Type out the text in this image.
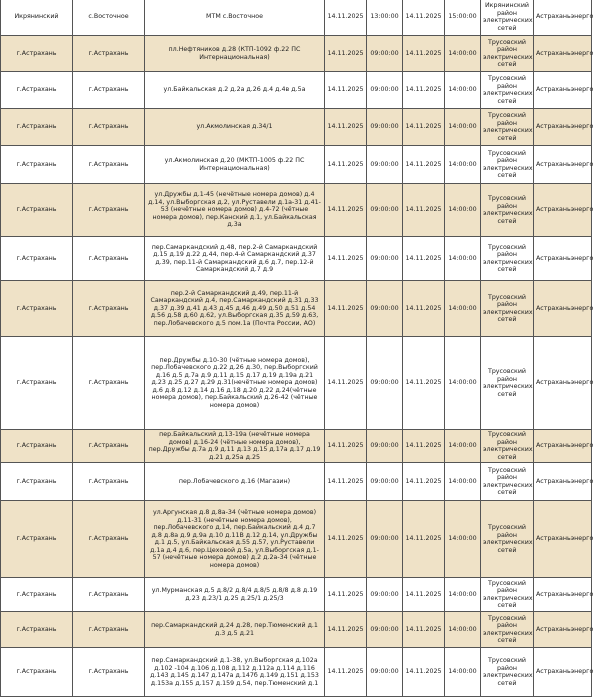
Икрянинский	с.Восточное	МТМ с.Восточное	14.11.2025	13:00:00	14.11.2025	15:00:00	Икрянинский район электрических сетей	Астраханьэнерго
г.Астрахань	г.Астрахань	пл.Нефтяников д.28 (КТП-1092 ф.22 ПС Интернациональная)	14.11.2025	09:00:00	14.11.2025	14:00:00	Трусовский район электрических сетей	Астраханьэнерго
г.Астрахань	г.Астрахань	ул.Байкальская д.2 д.2а д.26 д.4 д.4в д.5а	14.11.2025	09:00:00	14.11.2025	14:00:00	Трусовский район электрических сетей	Астраханьэнерго
г.Астрахань	г.Астрахань	ул.Акмолинская д.34/1	14.11.2025	09:00:00	14.11.2025	14:00:00	Трусовский район электрических сетей	Астраханьэнерго
г.Астрахань	г.Астрахань	ул.Акмолинская д.20 (МКТП-1005 ф.22 ПС Интернациональная)	14.11.2025	09:00:00	14.11.2025	14:00:00	Трусовский район электрических сетей	Астраханьэнерго
г.Астрахань	г.Астрахань	ул.Дружбы д.1-45 (нечётные номера домов) д.4 д.14, ул.Выборгская д.2, ул.Руставели д.1а-31 д.41-53 (нечётные номера домов) д.4-72 (чётные номера домов), пер.Канский д.1, ул.Байкальская д.3а	14.11.2025	09:00:00	14.11.2025	14:00:00	Трусовский район электрических сетей	Астраханьэнерго
г.Астрахань	г.Астрахань	пер.Самаркандский д.48, пер.2-й Самаркандский д.15 д.19 д.22 д.44, пер.4-й Самаркандский д.37 д.39, пер.11-й Самаркандский д.6 д.7, пер.12-й Самаркандский д.7 д.9	14.11.2025	09:00:00	14.11.2025	14:00:00	Трусовский район электрических сетей	Астраханьэнерго
г.Астрахань	г.Астрахань	пер.2-й Самаркандский д.49, пер.11-й Самаркандский д.4, пер.Самаркандский д.31 д.33 д.37 д.39 д.41 д.43 д.45 д.46 д.49 д.50 д.51 д.54 д.56 д.58 д.60 д.62, ул.Выборгская д.35 д.59 д.63, пер.Лобачевского д.5 пом.1а (Почта России, АО)	14.11.2025	09:00:00	14.11.2025	14:00:00	Трусовский район электрических сетей	Астраханьэнерго
г.Астрахань	г.Астрахань	пер.Дружбы д.10-30 (чётные номера домов), пер.Лобачевского д.22 д.26 д.30, пер.Выборгский д.16 д.5 д.7а д.9 д.11 д.15 д.17 д.19 д.19а д.21 д.23 д.25 д.27 д.29 д.31(нечётные номера домов) д.6 д.8 д.12 д.14 д.16 д.18 д.20 д.22 д.24(чётные номера домов), пер.Байкальский д.26-42 (чётные номера домов)	14.11.2025	09:00:00	14.11.2025	14:00:00	Трусовский район электрических сетей	Астраханьэнерго
г.Астрахань	г.Астрахань	пер.Байкальский д.13-19а (нечётные номера домов) д.16-24 (чётные номера домов), пер.Дружбы д.7а д.9 д.11 д.13 д.15 д.17а д.17 д.19 д.21 д.25а д.25	14.11.2025	09:00:00	14.11.2025	14:00:00	Трусовский район электрических сетей	Астраханьэнерго
г.Астрахань	г.Астрахань	пер.Лобачевского д.16 (Магазин)	14.11.2025	09:00:00	14.11.2025	14:00:00	Трусовский район электрических сетей	Астраханьэнерго
г.Астрахань	г.Астрахань	ул.Аргунская д.8 д.8а-34 (чётные номера домов) д.11-31 (нечётные номера домов), пер.Лобачевского д.14, пер.Байкальский д.4 д.7 д.8 д.8а д.9 д.9а д.10 д.11В д.12 д.14, ул.Дружбы д.1 д.5, ул.Байкальская д.55 д.57, ул.Руставели д.1а д.4 д.6, пер.Цеховой д.5а, ул.Выборгская д.1-57 (нечётные номера домов) д.2 д.2а-34 (чётные номера домов)	14.11.2025	09:00:00	14.11.2025	14:00:00	Трусовский район электрических сетей	Астраханьэнерго
г.Астрахань	г.Астрахань	ул.Мурманская д.5 д.8/2 д.8/4 д.8/5 д.8/8 д.8 д.19 д.23 д.23/1 д.25 д.25/1 д.25/3	14.11.2025	09:00:00	14.11.2025	14:00:00	Трусовский район электрических сетей	Астраханьэнерго
г.Астрахань	г.Астрахань	пер.Самаркандский д.24 д.28, пер.Тюменский д.1 д.3 д.5 д.21	14.11.2025	09:00:00	14.11.2025	14:00:00	Трусовский район электрических сетей	Астраханьэнерго
г.Астрахань	г.Астрахань	пер.Самаркандский д.1-38, ул.Выборгская д.102а д.102 -104 д.106 д.108 д.112 д.112а д.114 д.116 д.143 д.145 д.147 д.147а д.147б д.149 д.151 д.153 д.153а д.155 д.157 д.159 д.54, пер.Тюменский д.1	14.11.2025	09:00:00	14.11.2025	14:00:00	Трусовский район электрических сетей	Астраханьэнерго
